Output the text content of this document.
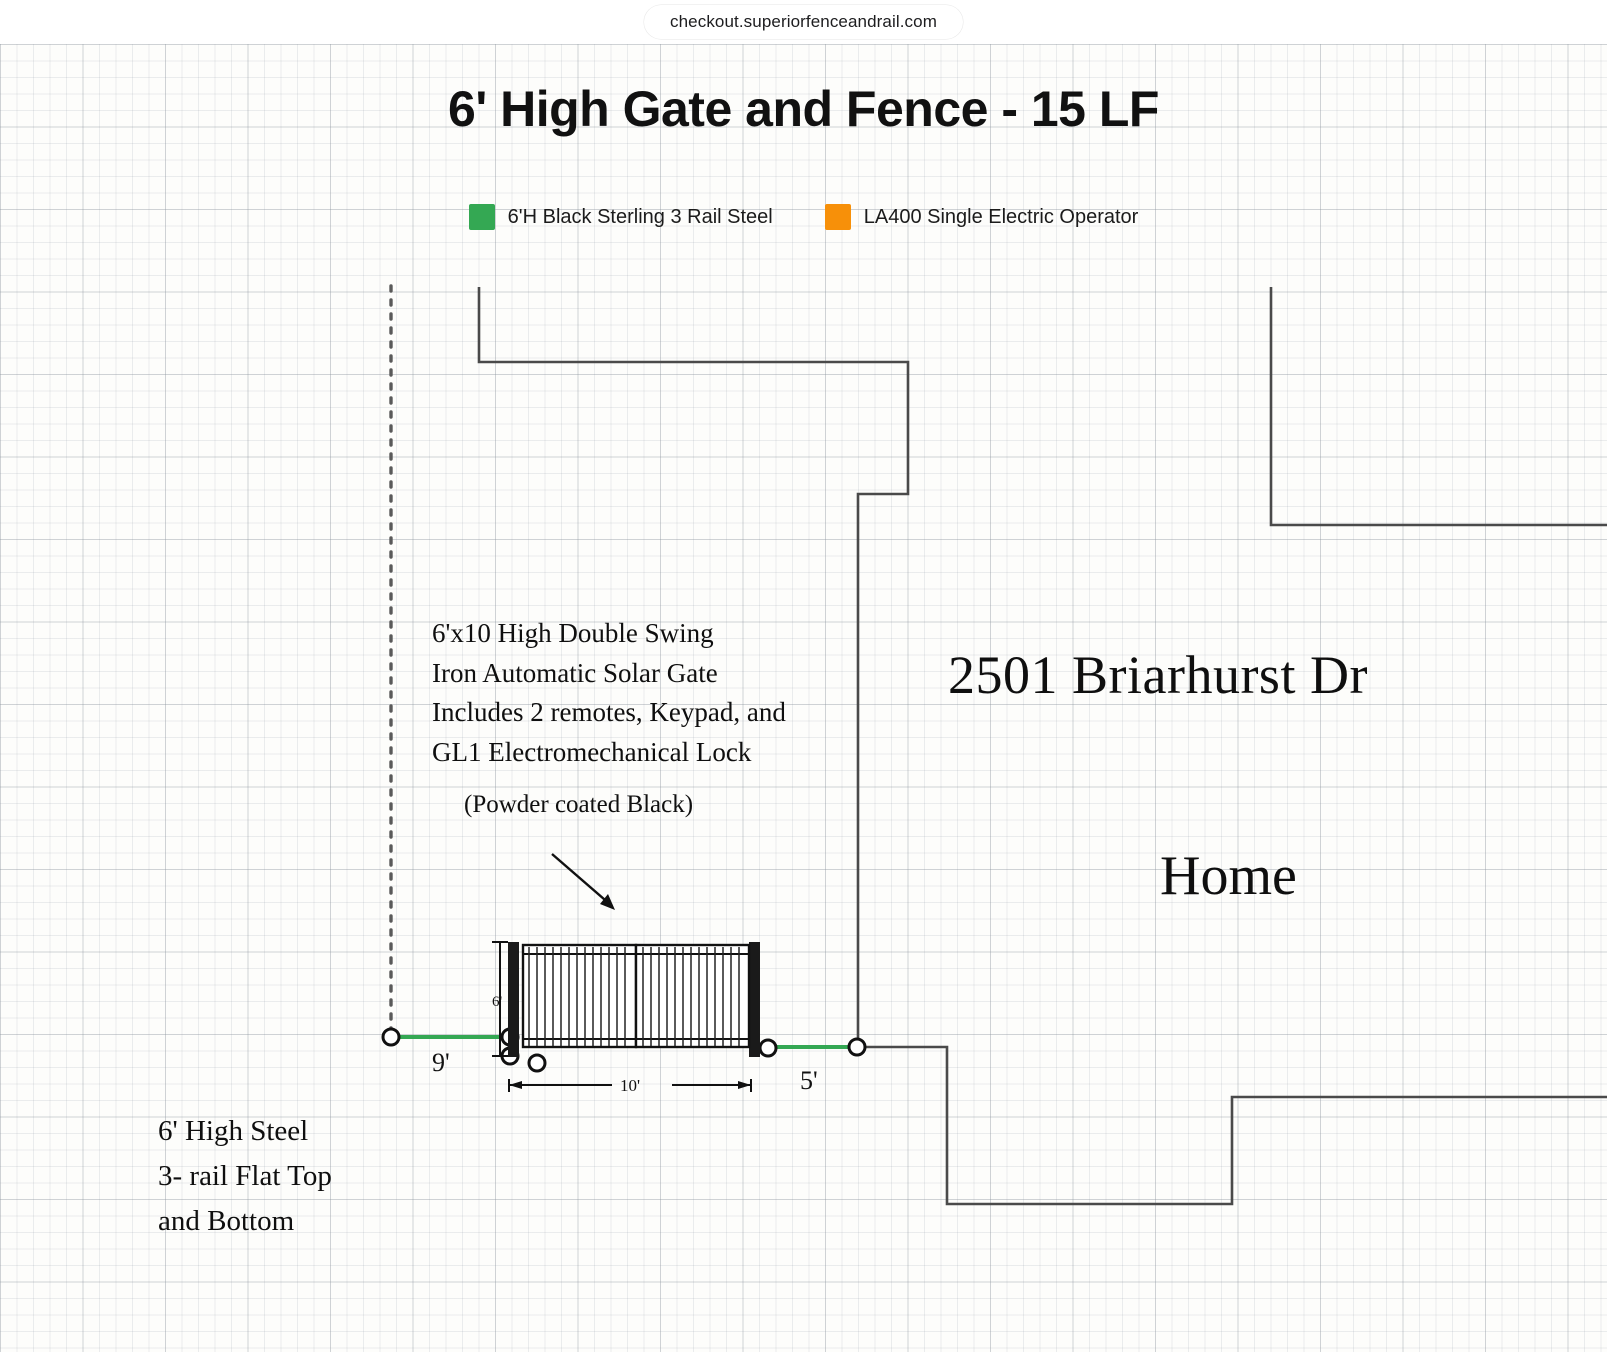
checkout.superiorfenceandrail.com
6' High Gate and Fence - 15 LF
6'H Black Sterling 3 Rail Steel	LA400 Single Electric Operator
6'
10'
9'
5'
6'x10 High Double Swing
Iron Automatic Solar Gate
Includes 2 remotes, Keypad, and
GL1 Electromechanical Lock
(Powder coated Black)
2501 Briarhurst Dr
Home
6' High Steel
3- rail Flat Top
and Bottom
